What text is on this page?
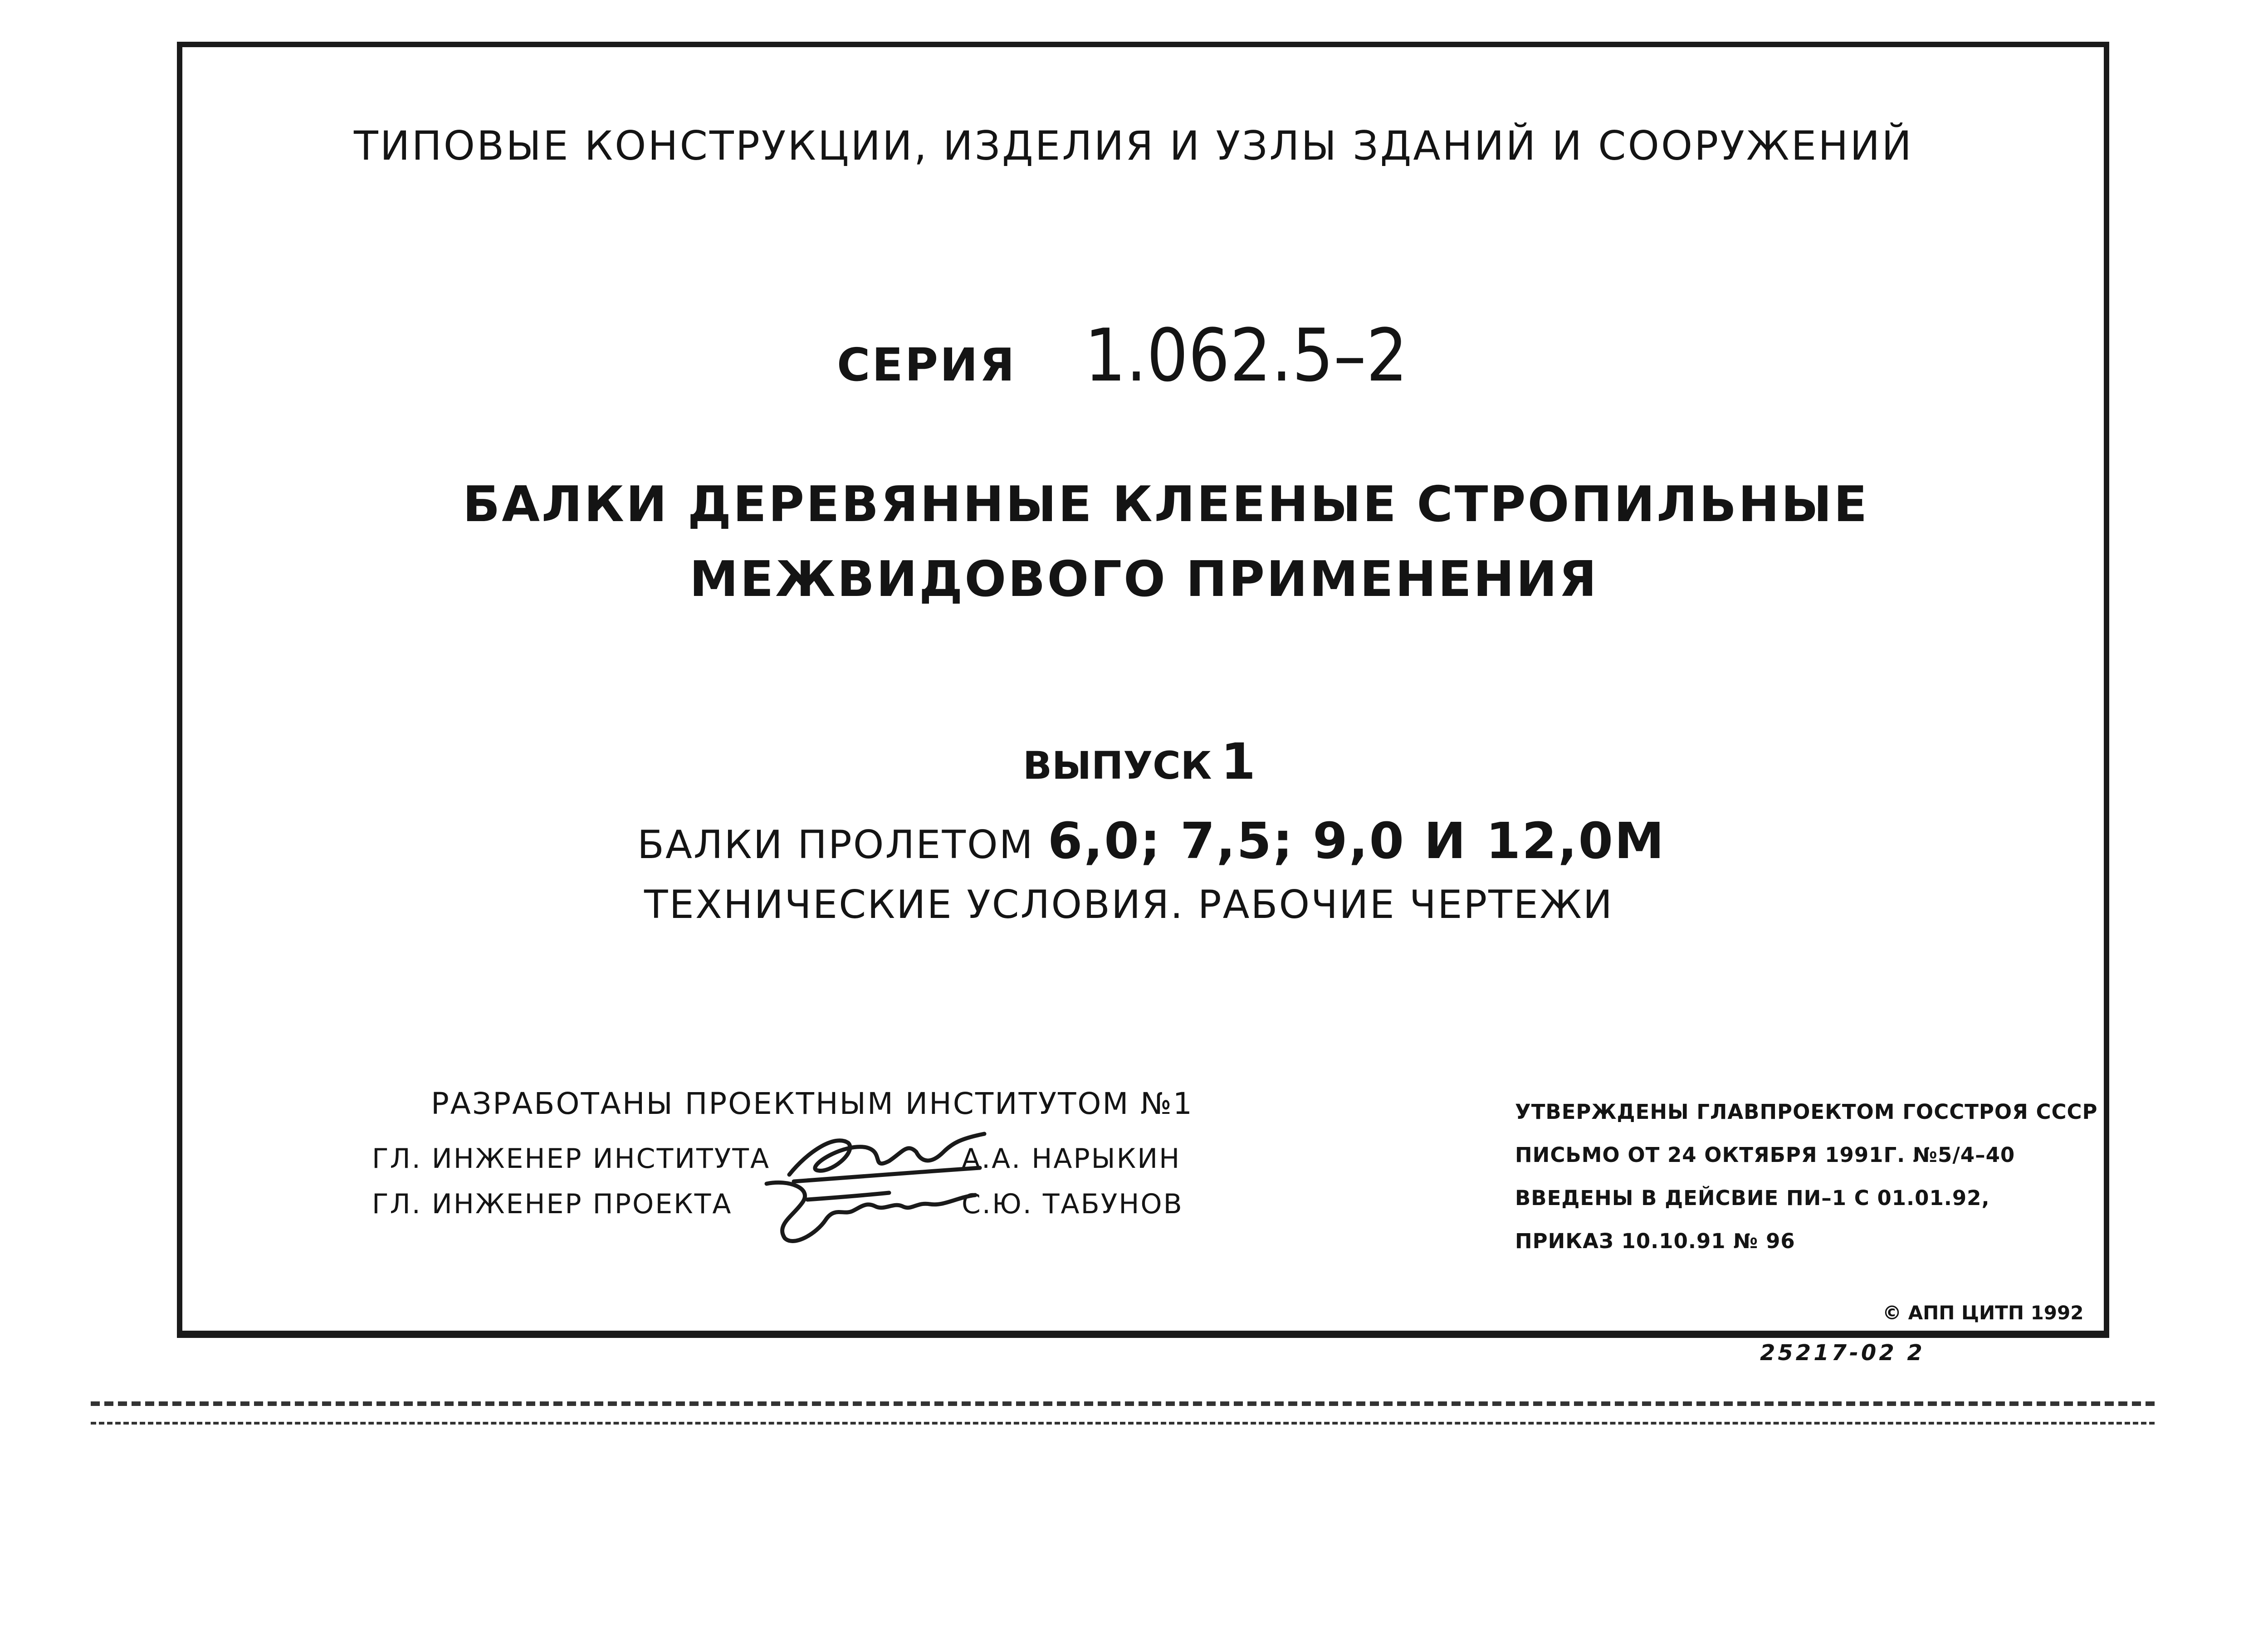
ТИПОВЫЕ КОНСТРУКЦИИ, ИЗДЕЛИЯ И УЗЛЫ ЗДАНИЙ И СООРУЖЕНИЙ
СЕРИЯ 1.062.5–2
БАЛКИ ДЕРЕВЯННЫЕ КЛЕЕНЫЕ СТРОПИЛЬНЫЕ
МЕЖВИДОВОГО ПРИМЕНЕНИЯ
ВЫПУСК 1
БАЛКИ ПРОЛЕТОМ 6,0; 7,5; 9,0 И 12,0М
ТЕХНИЧЕСКИЕ УСЛОВИЯ. РАБОЧИЕ ЧЕРТЕЖИ
РАЗРАБОТАНЫ ПРОЕКТНЫМ ИНСТИТУТОМ №1
ГЛ. ИНЖЕНЕР ИНСТИТУТА	А.А. НАРЫКИН
ГЛ. ИНЖЕНЕР ПРОЕКТА	С.Ю. ТАБУНОВ
УТВЕРЖДЕНЫ ГЛАВПРОЕКТОМ ГОССТРОЯ СССР
ПИСЬМО ОТ 24 ОКТЯБРЯ 1991Г. №5/4–40
ВВЕДЕНЫ В ДЕЙСВИЕ ПИ–1 С 01.01.92,
ПРИКАЗ 10.10.91 № 96
© АПП ЦИТП 1992
25217-02 2
